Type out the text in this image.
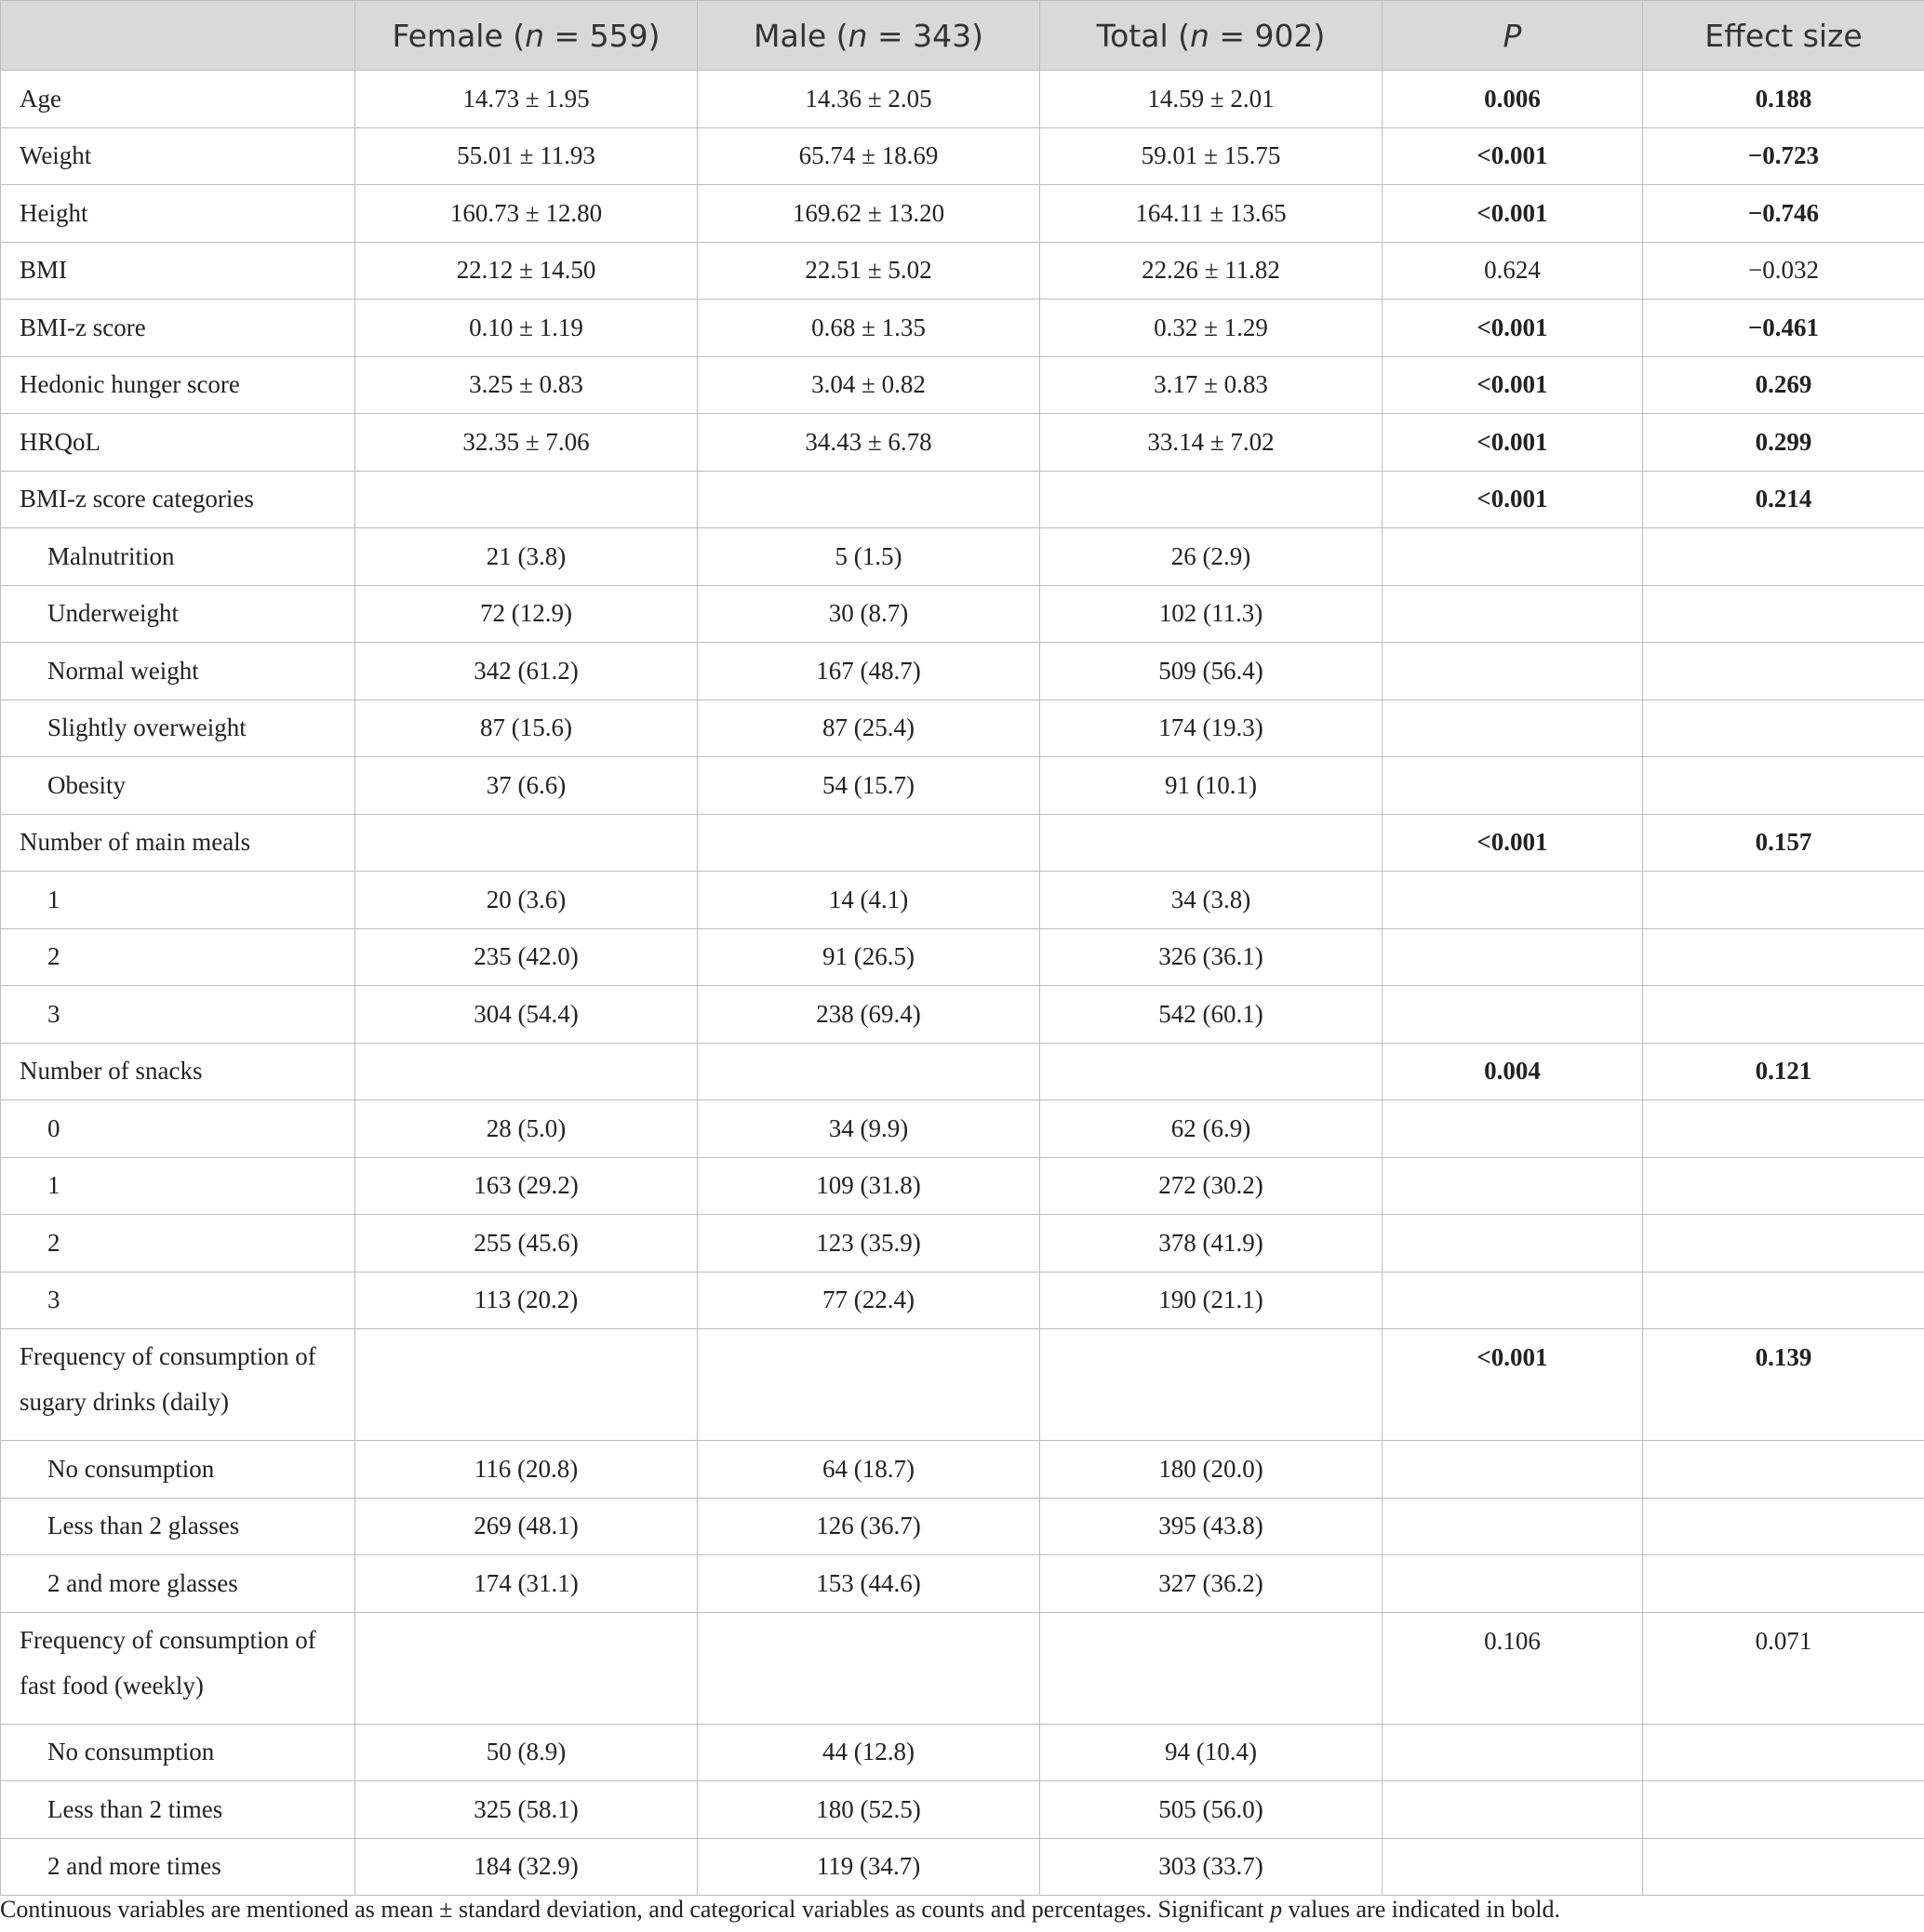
	Female (n = 559)	Male (n = 343)	Total (n = 902)	P	Effect size
Age	14.73 ± 1.95	14.36 ± 2.05	14.59 ± 2.01	0.006	0.188
Weight	55.01 ± 11.93	65.74 ± 18.69	59.01 ± 15.75	<0.001	−0.723
Height	160.73 ± 12.80	169.62 ± 13.20	164.11 ± 13.65	<0.001	−0.746
BMI	22.12 ± 14.50	22.51 ± 5.02	22.26 ± 11.82	0.624	−0.032
BMI-z score	0.10 ± 1.19	0.68 ± 1.35	0.32 ± 1.29	<0.001	−0.461
Hedonic hunger score	3.25 ± 0.83	3.04 ± 0.82	3.17 ± 0.83	<0.001	0.269
HRQoL	32.35 ± 7.06	34.43 ± 6.78	33.14 ± 7.02	<0.001	0.299
BMI-z score categories				<0.001	0.214
Malnutrition	21 (3.8)	5 (1.5)	26 (2.9)		
Underweight	72 (12.9)	30 (8.7)	102 (11.3)		
Normal weight	342 (61.2)	167 (48.7)	509 (56.4)		
Slightly overweight	87 (15.6)	87 (25.4)	174 (19.3)		
Obesity	37 (6.6)	54 (15.7)	91 (10.1)		
Number of main meals				<0.001	0.157
1	20 (3.6)	14 (4.1)	34 (3.8)		
2	235 (42.0)	91 (26.5)	326 (36.1)		
3	304 (54.4)	238 (69.4)	542 (60.1)		
Number of snacks				0.004	0.121
0	28 (5.0)	34 (9.9)	62 (6.9)		
1	163 (29.2)	109 (31.8)	272 (30.2)		
2	255 (45.6)	123 (35.9)	378 (41.9)		
3	113 (20.2)	77 (22.4)	190 (21.1)		
Frequency of consumption of sugary drinks (daily)				<0.001	0.139
No consumption	116 (20.8)	64 (18.7)	180 (20.0)		
Less than 2 glasses	269 (48.1)	126 (36.7)	395 (43.8)		
2 and more glasses	174 (31.1)	153 (44.6)	327 (36.2)		
Frequency of consumption of fast food (weekly)				0.106	0.071
No consumption	50 (8.9)	44 (12.8)	94 (10.4)		
Less than 2 times	325 (58.1)	180 (52.5)	505 (56.0)		
2 and more times	184 (32.9)	119 (34.7)	303 (33.7)		
Continuous variables are mentioned as mean ± standard deviation, and categorical variables as counts and percentages. Significant p values are indicated in bold.
